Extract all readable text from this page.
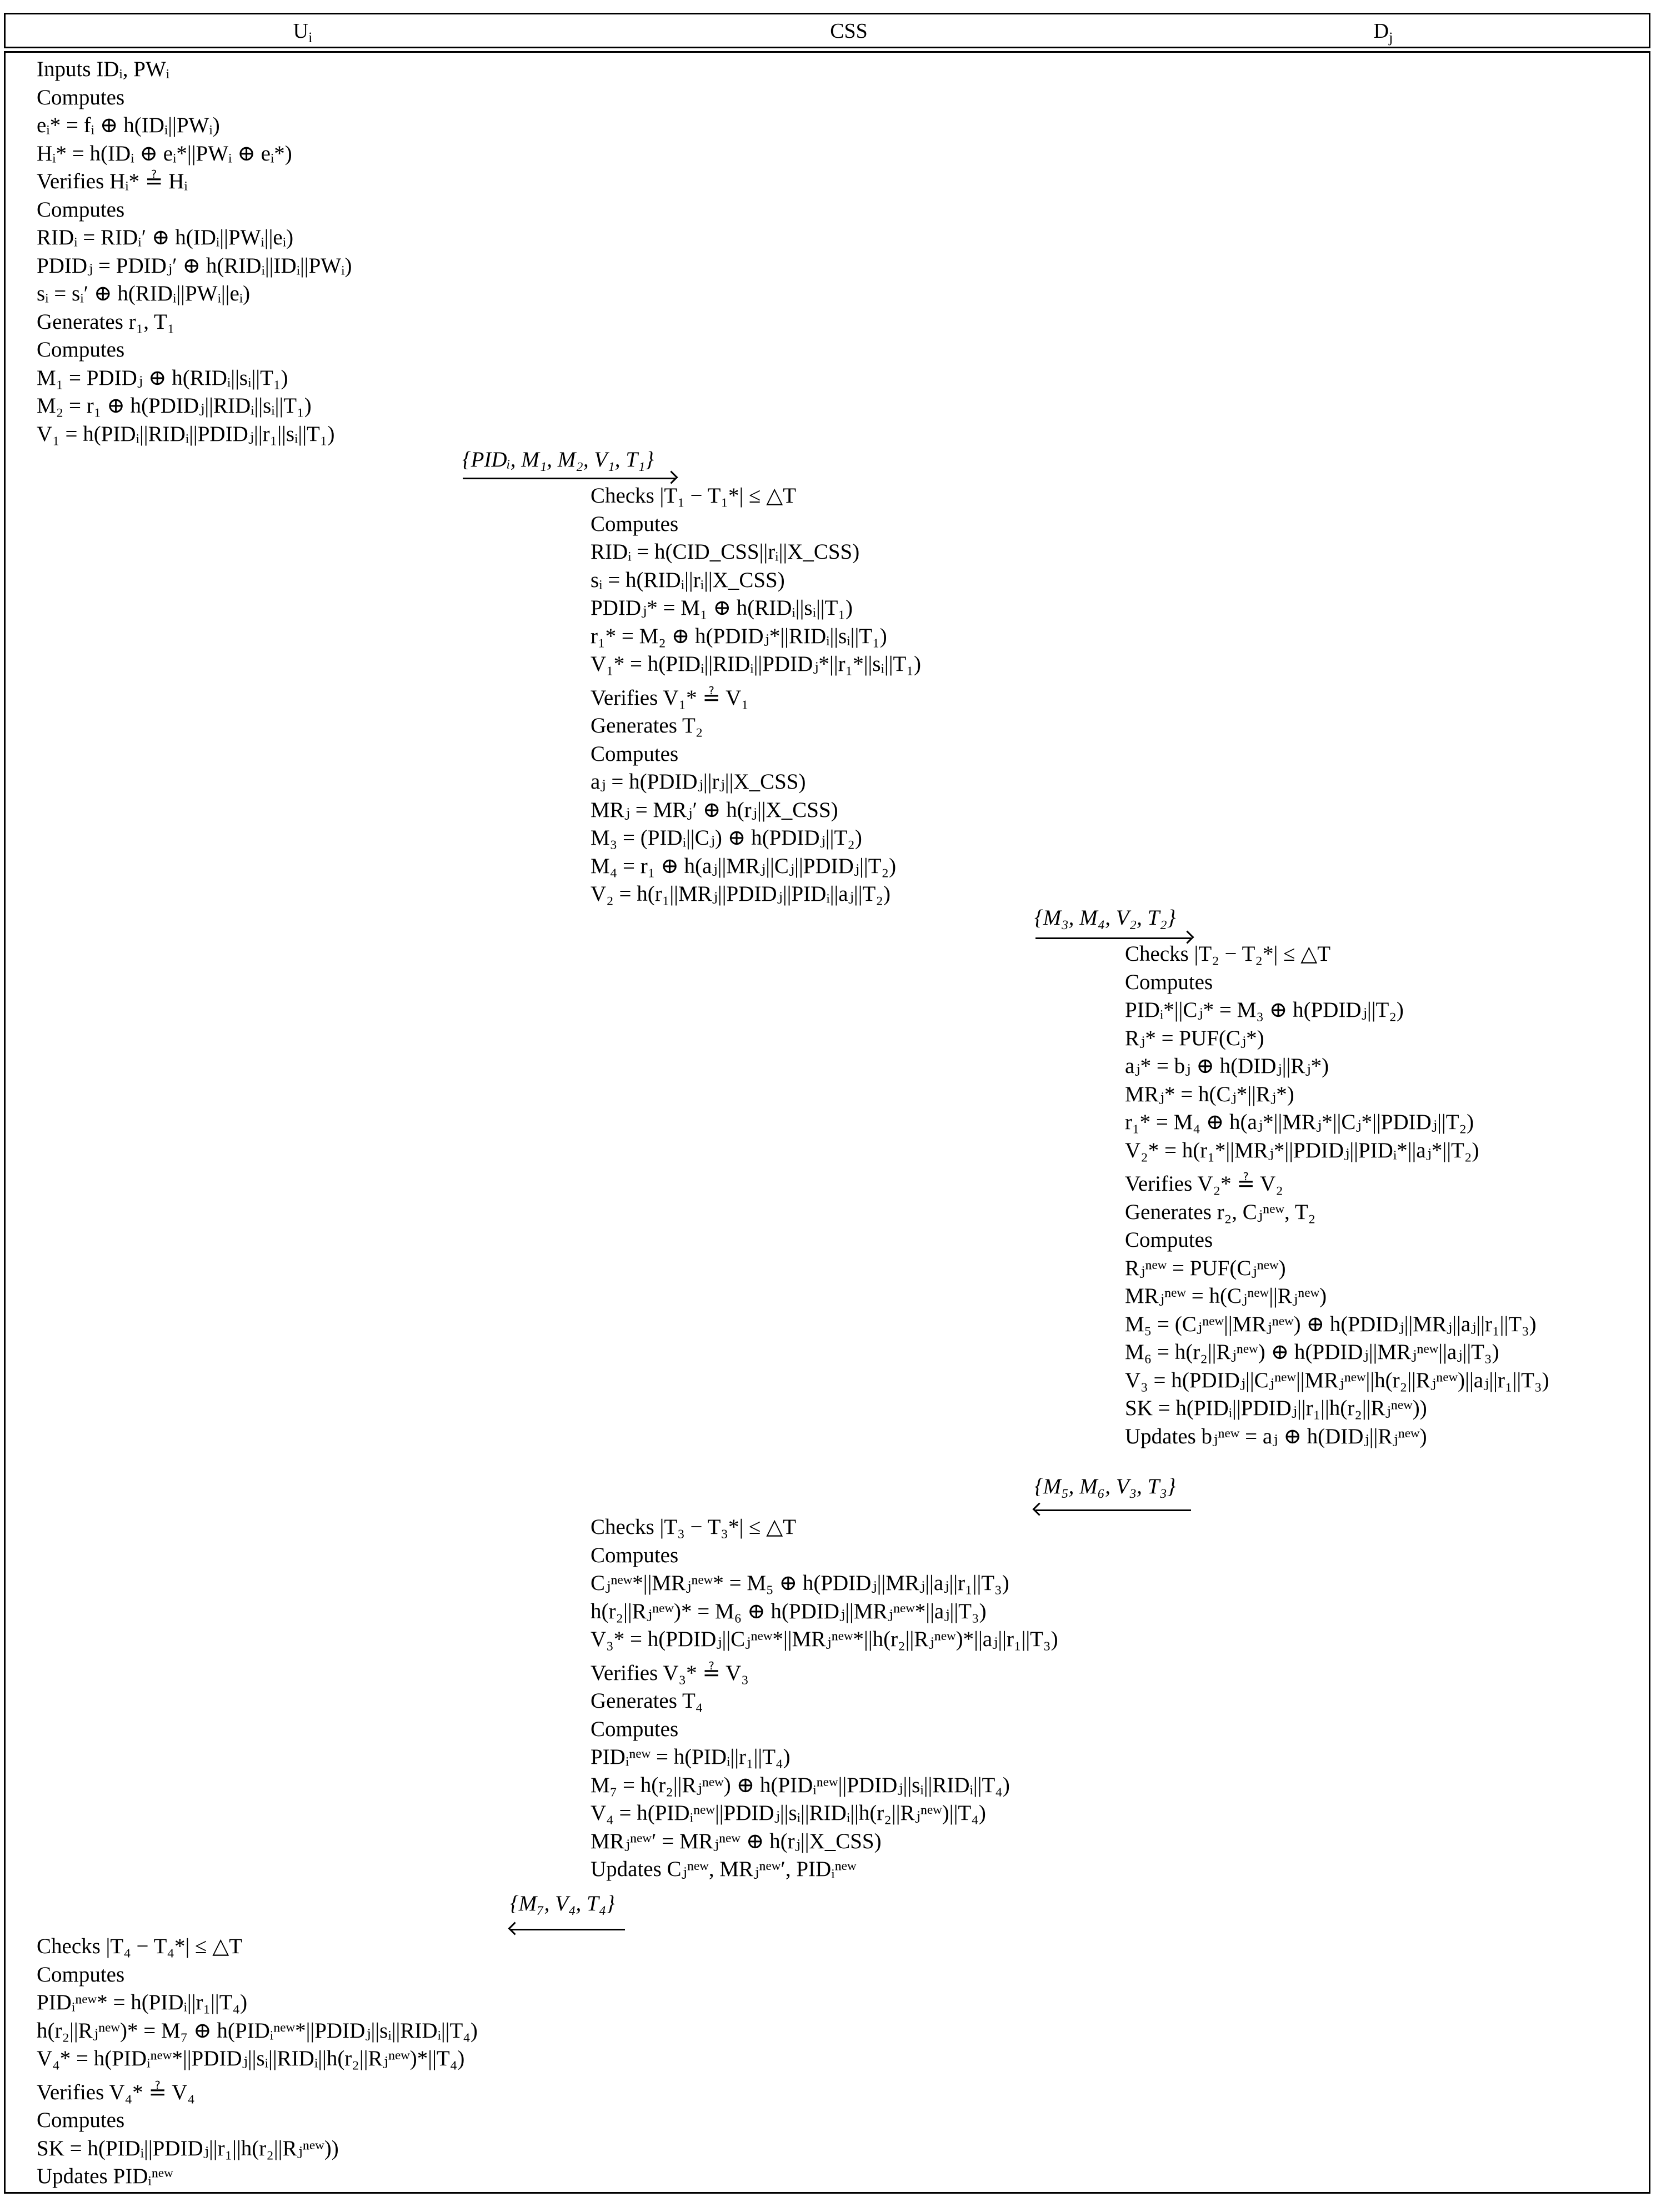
$U_i$	CSS	$D_j$
Inputs IDᵢ, PWᵢ
Computes
eᵢ* = fᵢ ⊕ h(IDᵢ||PWᵢ)
Hᵢ* = h(IDᵢ ⊕ eᵢ*||PWᵢ ⊕ eᵢ*)
Verifies Hᵢ* ≟ Hᵢ
Computes
RIDᵢ = RIDᵢ′ ⊕ h(IDᵢ||PWᵢ||eᵢ)
PDIDⱼ = PDIDⱼ′ ⊕ h(RIDᵢ||IDᵢ||PWᵢ)
sᵢ = sᵢ′ ⊕ h(RIDᵢ||PWᵢ||eᵢ)
Generates r₁, T₁
Computes
M₁ = PDIDⱼ ⊕ h(RIDᵢ||sᵢ||T₁)
M₂ = r₁ ⊕ h(PDIDⱼ||RIDᵢ||sᵢ||T₁)
V₁ = h(PIDᵢ||RIDᵢ||PDIDⱼ||r₁||sᵢ||T₁)
{PIDᵢ, M₁, M₂, V₁, T₁}
Checks |T₁ − T₁*| ≤ △T
Computes
RIDᵢ = h(CID_CSS||rᵢ||X_CSS)
sᵢ = h(RIDᵢ||rᵢ||X_CSS)
PDIDⱼ* = M₁ ⊕ h(RIDᵢ||sᵢ||T₁)
r₁* = M₂ ⊕ h(PDIDⱼ*||RIDᵢ||sᵢ||T₁)
V₁* = h(PIDᵢ||RIDᵢ||PDIDⱼ*||r₁*||sᵢ||T₁)
Verifies V₁* ≟ V₁
Generates T₂
Computes
aⱼ = h(PDIDⱼ||rⱼ||X_CSS)
MRⱼ = MRⱼ′ ⊕ h(rⱼ||X_CSS)
M₃ = (PIDᵢ||Cⱼ) ⊕ h(PDIDⱼ||T₂)
M₄ = r₁ ⊕ h(aⱼ||MRⱼ||Cⱼ||PDIDⱼ||T₂)
V₂ = h(r₁||MRⱼ||PDIDⱼ||PIDᵢ||aⱼ||T₂)
{M₃, M₄, V₂, T₂}
Checks |T₂ − T₂*| ≤ △T
Computes
PIDᵢ*||Cⱼ* = M₃ ⊕ h(PDIDⱼ||T₂)
Rⱼ* = PUF(Cⱼ*)
aⱼ* = bⱼ ⊕ h(DIDⱼ||Rⱼ*)
MRⱼ* = h(Cⱼ*||Rⱼ*)
r₁* = M₄ ⊕ h(aⱼ*||MRⱼ*||Cⱼ*||PDIDⱼ||T₂)
V₂* = h(r₁*||MRⱼ*||PDIDⱼ||PIDᵢ*||aⱼ*||T₂)
Verifies V₂* ≟ V₂
Generates r₂, Cⱼⁿᵉʷ, T₂
Computes
Rⱼⁿᵉʷ = PUF(Cⱼⁿᵉʷ)
MRⱼⁿᵉʷ = h(Cⱼⁿᵉʷ||Rⱼⁿᵉʷ)
M₅ = (Cⱼⁿᵉʷ||MRⱼⁿᵉʷ) ⊕ h(PDIDⱼ||MRⱼ||aⱼ||r₁||T₃)
M₆ = h(r₂||Rⱼⁿᵉʷ) ⊕ h(PDIDⱼ||MRⱼⁿᵉʷ||aⱼ||T₃)
V₃ = h(PDIDⱼ||Cⱼⁿᵉʷ||MRⱼⁿᵉʷ||h(r₂||Rⱼⁿᵉʷ)||aⱼ||r₁||T₃)
SK = h(PIDᵢ||PDIDⱼ||r₁||h(r₂||Rⱼⁿᵉʷ))
Updates bⱼⁿᵉʷ = aⱼ ⊕ h(DIDⱼ||Rⱼⁿᵉʷ)
{M₅, M₆, V₃, T₃}
Checks |T₃ − T₃*| ≤ △T
Computes
Cⱼⁿᵉʷ*||MRⱼⁿᵉʷ* = M₅ ⊕ h(PDIDⱼ||MRⱼ||aⱼ||r₁||T₃)
h(r₂||Rⱼⁿᵉʷ)* = M₆ ⊕ h(PDIDⱼ||MRⱼⁿᵉʷ*||aⱼ||T₃)
V₃* = h(PDIDⱼ||Cⱼⁿᵉʷ*||MRⱼⁿᵉʷ*||h(r₂||Rⱼⁿᵉʷ)*||aⱼ||r₁||T₃)
Verifies V₃* ≟ V₃
Generates T₄
Computes
PIDᵢⁿᵉʷ = h(PIDᵢ||r₁||T₄)
M₇ = h(r₂||Rⱼⁿᵉʷ) ⊕ h(PIDᵢⁿᵉʷ||PDIDⱼ||sᵢ||RIDᵢ||T₄)
V₄ = h(PIDᵢⁿᵉʷ||PDIDⱼ||sᵢ||RIDᵢ||h(r₂||Rⱼⁿᵉʷ)||T₄)
MRⱼⁿᵉʷ′ = MRⱼⁿᵉʷ ⊕ h(rⱼ||X_CSS)
Updates Cⱼⁿᵉʷ, MRⱼⁿᵉʷ′, PIDᵢⁿᵉʷ
{M₇, V₄, T₄}
Checks |T₄ − T₄*| ≤ △T
Computes
PIDᵢⁿᵉʷ* = h(PIDᵢ||r₁||T₄)
h(r₂||Rⱼⁿᵉʷ)* = M₇ ⊕ h(PIDᵢⁿᵉʷ*||PDIDⱼ||sᵢ||RIDᵢ||T₄)
V₄* = h(PIDᵢⁿᵉʷ*||PDIDⱼ||sᵢ||RIDᵢ||h(r₂||Rⱼⁿᵉʷ)*||T₄)
Verifies V₄* ≟ V₄
Computes
SK = h(PIDᵢ||PDIDⱼ||r₁||h(r₂||Rⱼⁿᵉʷ))
Updates PIDᵢⁿᵉʷ
